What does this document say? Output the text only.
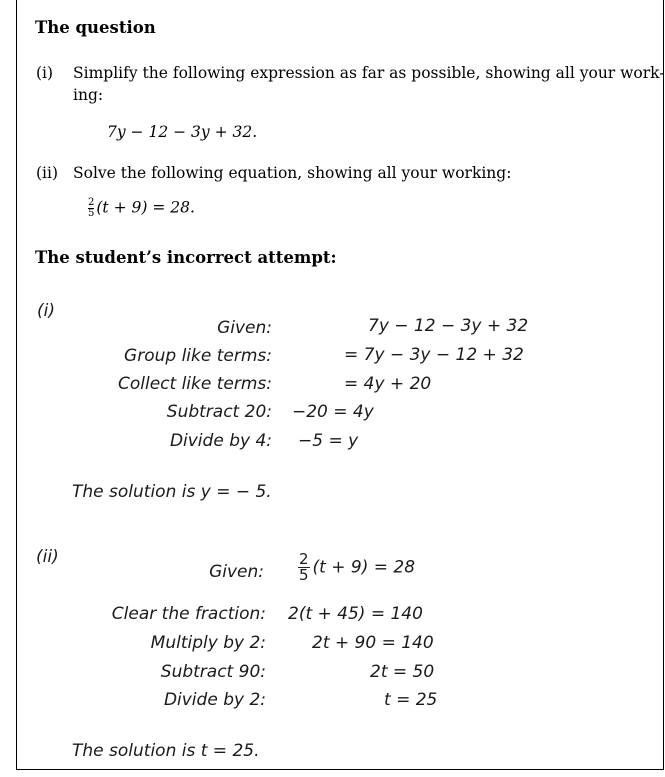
The question
(i) Simplify the following expression as far as possible, showing all your work-
ing:
7y − 12 − 3y + 32.
(ii) Solve the following equation, showing all your working:
$\frac{2}{5} (t + 9) = 28$.
The student’s incorrect attempt:
(i)
Given:	7y − 12 − 3y + 32
Group like terms:	= 7y − 3y − 12 + 32
Collect like terms:	= 4y + 20
Subtract 20: −20 = 4y
Divide by 4: −5 = y
The solution is y = − 5.
(ii)
Given: $\frac{2}{5} (t + 9) = 28$
Clear the fraction: 2(t + 45) = 140
Multiply by 2:	2t + 90 = 140
Subtract 90:	2t = 50
Divide by 2:	t = 25
The solution is t = 25.
